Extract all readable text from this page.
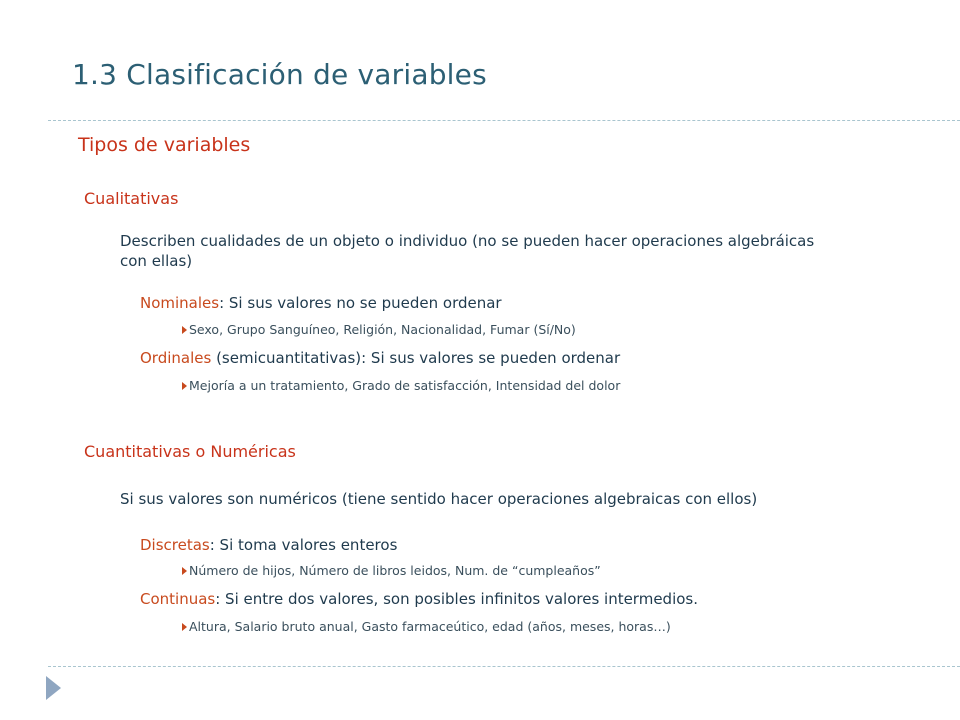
1.3 Clasificación de variables
Tipos de variables
Cualitativas

Describen cualidades de un objeto o individuo (no se pueden hacer operaciones algebráicas con ellas)

Nominales: Si sus valores no se pueden ordenar

Sexo, Grupo Sanguíneo, Religión, Nacionalidad, Fumar (Sí/No)

Ordinales (semicuantitativas): Si sus valores se pueden ordenar

Mejoría a un tratamiento, Grado de satisfacción, Intensidad del dolor

Cuantitativas o Numéricas

Si sus valores son numéricos (tiene sentido hacer operaciones algebraicas con ellos)

Discretas: Si toma valores enteros

Número de hijos, Número de libros leidos, Num. de “cumpleaños”

Continuas: Si entre dos valores, son posibles infinitos valores intermedios.

Altura, Salario bruto anual, Gasto farmaceútico, edad (años, meses, horas…)
